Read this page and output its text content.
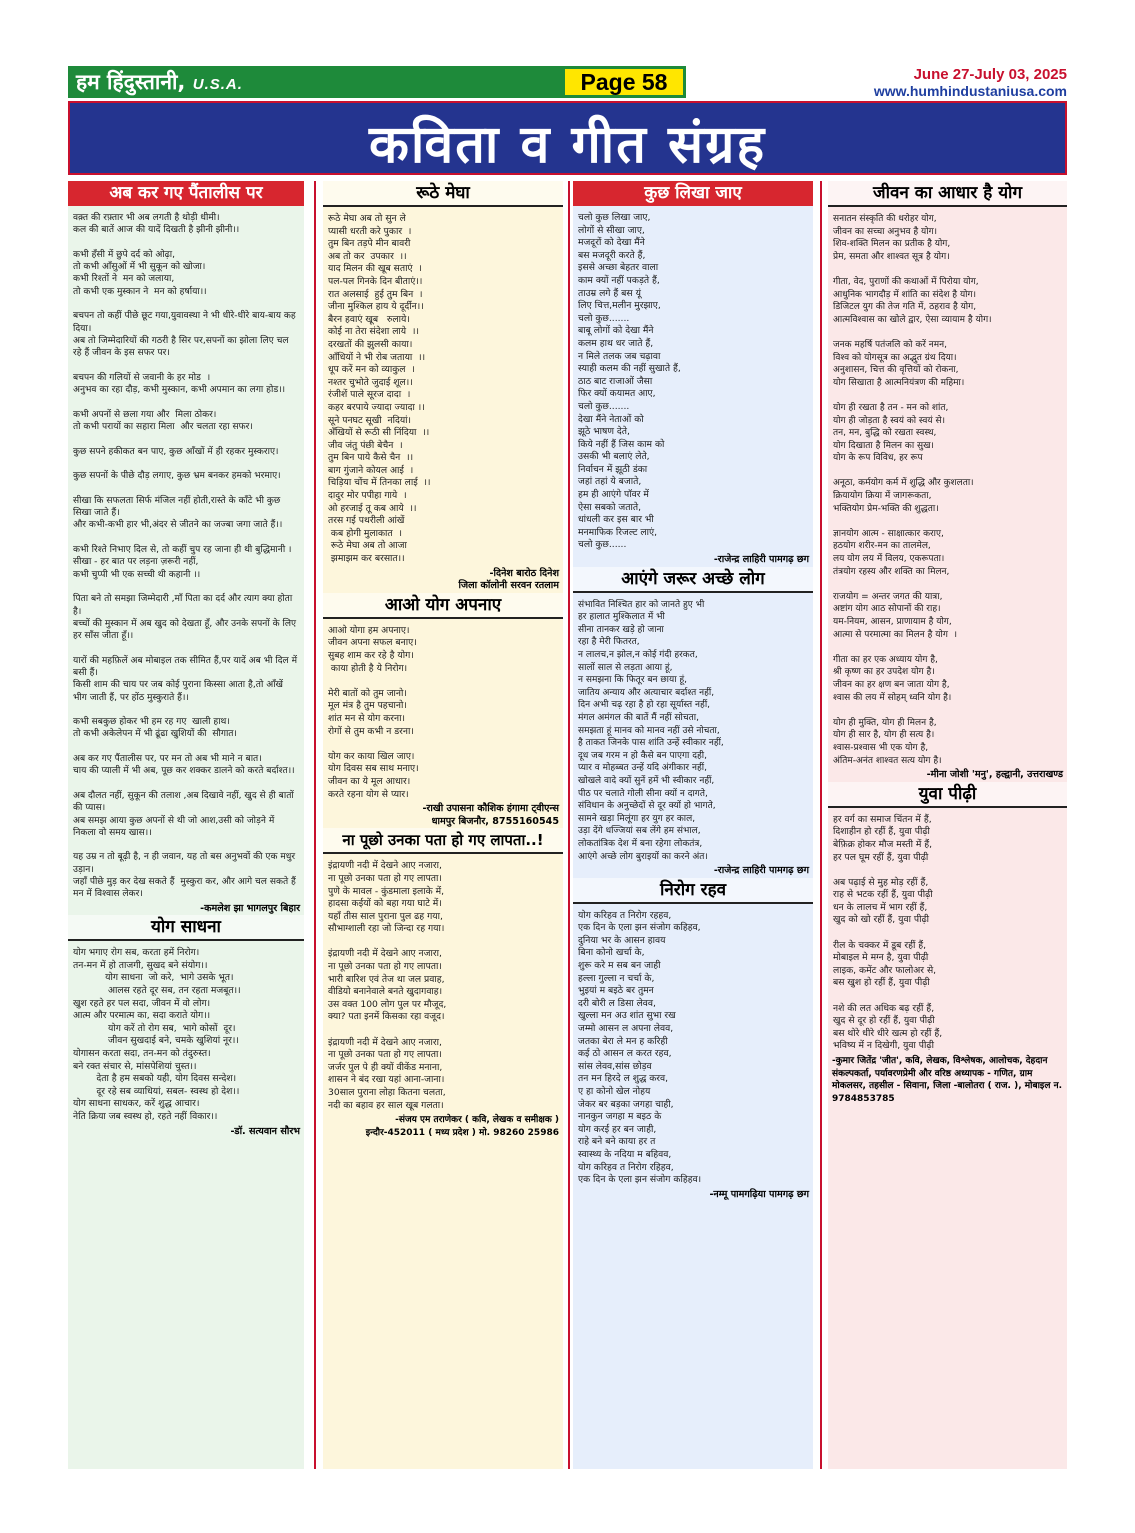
हम हिंदुस्तानी, U.S.A.	Page 58	June 27-July 03, 2025
www.humhindustaniusa.com
कविता व गीत संग्रह
अब कर गए पैंतालीस पर
वक़्त की रफ़्तार भी अब लगती है थोड़ी धीमी।
कल की बातें आज की यादें दिखती है झीनी झीनी।।

कभी हँसी में छुपे दर्द को ओढ़ा,
तो कभी आँसुओं में भी सुकून को खोजा।
कभी रिश्तों ने  मन को जलाया,
तो कभी एक मुस्कान ने  मन को हर्षाया।।

बचपन तो कहीं पीछे छूट गया,युवावस्था ने भी धीरे-धीरे बाय-बाय कह दिया।
अब तो जिम्मेदारियों की गठरी है सिर पर,सपनों का झोला लिए चल रहे हैं जीवन के इस सफर पर।

बचपन की गलियों से जवानी के हर मोड  ।
अनुभव का रहा दौड़, कभी मुस्कान, कभी अपमान का लगा होड।।

कभी अपनों से छला गया और  मिला ठोकर।
तो कभी परायों का सहारा मिला  और चलता रहा सफर।

कुछ सपने हकीकत बन पाए, कुछ आँखों में ही रहकर मुस्कराए।

कुछ सपनों के पीछे दौड़ लगाए, कुछ भ्रम बनकर हमको भरमाए।

सीखा कि सफलता सिर्फ मंजिल नहीं होती,रास्ते के काँटे भी कुछ सिखा जाते हैं।
और कभी-कभी हार भी,अंदर से जीतने का जज्बा जगा जाते हैं।।

कभी रिश्ते निभाए दिल से, तो कहीं चुप रह जाना ही थी बुद्धिमानी ।
सीखा - हर बात पर लड़ना ज़रूरी नहीं,
कभी चुप्पी भी एक सच्ची थी कहानी ।।

पिता बने तो समझा जिम्मेदारी ,माँ पिता का दर्द और त्याग क्या होता है।
बच्चों की मुस्कान में अब खुद को देखता हूँ, और उनके सपनों के लिए हर साँस जीता हूँ।।

यारों की महफ़िलें अब मोबाइल तक सीमित हैं,पर यादें अब भी दिल में बसी हैं।
किसी शाम की चाय पर जब कोई पुराना किस्सा आता है,तो आँखें भीग जाती हैं, पर होंठ मुस्कुराते हैं।।

कभी सबकुछ होकर भी हम रह गए  खाली हाथ।
तो कभी अकेलेपन में भी ढूंढा खुशियों की  सौगात।

अब कर गए पैंतालीस पर, पर मन तो अब भी माने न बात।
चाय की प्याली में भी अब, पूछ कर शक्कर डालने को करते बर्दाश्त।।

अब दौलत नहीं, सुकून की तलाश ,अब दिखावे नहीं, खुद से ही बातों की प्यास।
अब समझ आया कुछ अपनों से थी जो आश,उसी को जोड़ने में निकला वो समय खास।।

यह उम्र न तो बूढ़ी है, न ही जवान, यह तो बस अनुभवों की एक मधुर उड़ान।
जहाँ पीछे मुड़ कर देख सकते हैं  मुस्कुरा कर, और आगे चल सकते हैं मन में विश्वास लेकर।
-कमलेश झा भागलपुर बिहार
योग साधना
योग भगाए रोग सब, करता हमें निरोग।
तन-मन में हो ताजगी, सुखद बने संयोग।।
योग साधना  जो करे,  भागे उसके भूत।
आलस रहते दूर सब, तन रहता मजबूत।।
खुश रहते हर पल सदा, जीवन में वो लोग।
आत्म और परमात्म का, सदा कराते योग।।
योग करें तो रोग सब,  भागे कोसों  दूर।
जीवन सुखदाई बने, चमके खुशियां नूर।।
योगासन करता सदा, तन-मन को तंदुरुस्त।
बने रक्त संचार से, मांसपेशियां चुस्त।।
देता है हम सबको यही, योग दिवस सन्देश।
दूर रहे सब व्याधियां, सबल- स्वस्थ हो देश।।
योग साधना साधकर, करें शुद्ध आचार।
नेति क्रिया जब स्वस्थ हो, रहते नहीं विकार।।
-डॉ. सत्यवान सौरभ
रूठे मेघा
रूठे मेघा अब तो सुन ले
प्यासी धरती करे पुकार  ।
तुम बिन तड़पे मीन बावरी
अब तो कर  उपकार  ।।
याद मिलन की खूब सताएं  ।
पल-पल गिनके दिन बीताएं।।
रात अलसाई  हुई तुम बिन  ।
जीना मुश्किल हाय ये दूर्दीन।।
बैरन हवाएं खूब   रुलाये।
कोई ना तेरा संदेशा लाये  ।।
दरखतों की झुलसी काया।
आँधियों ने भी रोब जताया  ।।
धूप करें मन को व्याकुल  ।
नश्तर चुभोते जुदाई शूल।।
रंजीशें पाले सूरज दादा  ।
कहर बरपाये ज्यादा ज्यादा ।।
सूने पनघट सूखी  नदियां।
अँखियों से रूठी सी निंदिया  ।।
जीव जंतु पंछी बेचैन  ।
तुम बिन पाये कैसे चैन  ।।
बाग गुंजाने कोयल आई  ।
चिड़िया चोंच में तिनका लाई  ।।
दादुर मोर पपीहा गाये  ।
ओ हरजाई तू कब आये  ।।
तरस गई पथरीली आंखें
कब होगी मुलाकात  ।
रूठे मेघा अब तो आजा
झमाझम कर बरसात।।
-दिनेश बारोठ दिनेश
जिला कॉलोनी सरवन रतलाम
आओ योग अपनाए
आओ योगा हम अपनाए।
जीवन अपना सफल बनाए।
सुबह शाम कर रहे है योग।
काया होती है ये निरोग।

मेरी बातों को तुम जानो।
मूल मंत्र है तुम पहचानो।
शांत मन से योग करना।
रोगों से तुम कभी न डरना।

योग कर काया खिल जाए।
योग दिवस सब साथ मनाए।
जीवन का ये मूल आधार।
करते रहना योग से प्यार।
-राखी उपासना कौशिक हंगामा ट्वीएन्स
धामपुर बिजनौर, 8755160545
ना पूछो उनका पता हो गए लापता..!
इंद्रायणी नदी में देखने आए नजारा,
ना पूछो उनका पता हो गए लापता।
पुणे के मावल - कुंडमाला इलाके में,
हादसा कईयों को बहा गया घाटे में।
यहाँ तीस साल पुराना पुल ढह गया,
सौभाग्शाली रहा जो जिन्दा रह गया।

इंद्रायणी नदी में देखने आए नजारा,
ना पूछो उनका पता हो गए लापता।
भारी बारिश एवं तेज था जल प्रवाह,
वीडियो बनानेवाले बनते खुदागवाह।
उस वक्त 100 लोग पुल पर मौजूद,
क्या? पता इनमें किसका रहा वजूद।

इंद्रायणी नदी में देखने आए नजारा,
ना पूछो उनका पता हो गए लापता।
जर्जर पुल पे ही क्यों वीकेंड मनाना,
शासन ने बंद रखा यहां आना-जाना।
30साल पुराना लोहा कितना चलता,
नदी का बहाव हर साल खूब गलता।
-संजय एम तराणेकर ( कवि, लेखक व समीक्षक )
इन्दौर-452011 ( मध्य प्रदेश ) मो. 98260 25986
कुछ लिखा जाए
चलो कुछ लिखा जाए,
लोगों से सीखा जाए,
मजदूरों को देखा मैंने
बस मजदूरी करते हैं,
इससे अच्छा बेहतर वाला
काम क्यों नहीं पकड़ते हैं,
ताउम्र लगे हैं बस यूं
लिए चित्त,मलीन मुरझाए,
चलो कुछ.......
बाबू लोगों को देखा मैंने
कलम हाथ धर जाते हैं,
न मिले तलक जब चढ़ावा
स्याही कलम की नहीं सुखाते हैं,
ठाठ बाट राजाओं जैसा
फिर क्यों कयामत आए,
चलो कुछ.......
देखा मैंने नेताओं को
झूठे भाषण देते,
किये नहीं हैं जिस काम को
उसकी भी बलाएं लेते,
निर्वाचन में झूठी डंका
जहां तहां ये बजाते,
हम ही आएंगे पाॅवर में
ऐसा सबको जताते,
धांधली कर इस बार भी
मनमाफिक रिजल्ट लाएं,
चलो कुछ......
-राजेन्द्र लाहिरी पामगढ़ छग
आएंगे जरूर अच्छे लोग
संभावित निश्चित हार को जानते हुए भी
हर हालात मुश्किलात में भी
सीना तानकर खड़े हो जाना
रहा है मेरी फितरत,
न लालच,न झोल,न कोई गंदी हरकत,
सालों साल से लड़ता आया हूं,
न समझना कि फितूर बन छाया हूं,
जातिय अन्याय और अत्याचार बर्दाश्त नहीं,
दिन अभी चढ़ रहा है हो रहा सूर्यास्त नहीं,
मंगल अमंगल की बातें मैं नहीं सोचता,
समझता हूं मानव को मानव नहीं उसे नोचता,
है ताकत जिनके पास शांति उन्हें स्वीकार नहीं,
दूध जब गरम न हो कैसे बन पाएगा दही,
प्यार व मोहब्बत उन्हें यदि अंगीकार नहीं,
खोखले वादे क्यों सुनें हमें भी स्वीकार नहीं,
पीठ पर चलाते गोली सीना क्यों न दागते,
संविधान के अनुच्छेदों से दूर क्यों हो भागते,
सामने खड़ा मिलूंगा हर युग हर काल,
उड़ा देंगे धज्जियां सब लेंगे हम संभाल,
लोकतांत्रिक देश में बना रहेगा लोकतंत्र,
आएंगे अच्छे लोग बुराइयों का करने अंत।
-राजेन्द्र लाहिरी पामगढ़ छग
निरोग रहव
योग करिहव त निरोग रहहव,
एक दिन के एला झन संजोग कहिहव,
दुनिया भर के आसन हावय
बिना कोनो खर्चा के,
शुरू करे म सब बन जाही
हल्ला गुल्ला न चर्चा के,
भुइयां म बइठे बर तुमन
दरी बोरी ल डिसा लेवव,
खुल्ला मन अउ शांत सुभा रख
जम्मो आसन ल अपना लेवव,
जतका बेरा ले मन ह करिही
कई ठो आसन ल करत रहव,
सांस लेवव,सांस छोड़व
तन मन हिरदे ल शुद्ध करव,
ए हा कोनो खेल नोहय
जेकर बर बड़का जगहा चाही,
नानकुन जगहा म बइठ के
योग करई हर बन जाही,
राहे बने बने काया हर त
स्वास्थ्य के नदिया म बहिवव,
योग करिहव त निरोग रहिहव,
एक दिन के एला झन संजोग कहिहव।
-नम्मू पामगढ़िया पामगढ़ छग
जीवन का आधार है योग
सनातन संस्कृति की धरोहर योग,
जीवन का सच्चा अनुभव है योग।
शिव-शक्ति मिलन का प्रतीक है योग,
प्रेम, समता और शाश्वत सूत्र है योग।

गीता, वेद, पुराणों की कथाओं में पिरोया योग,
आधुनिक भागदौड़ में शांति का संदेश है योग।
डिजिटल युग की तेज गति में, ठहराव है योग,
आत्मविश्वास का खोले द्वार, ऐसा व्यायाम है योग।

जनक महर्षि पतंजलि को करें नमन,
विश्व को योगसूत्र का अद्भुत ग्रंथ दिया।
अनुशासन, चित्त की वृत्तियों को रोकना,
योग सिखाता है आत्मनियंत्रण की महिमा।

योग ही रखता है तन - मन को शांत,
योग ही जोड़ता है स्वयं को स्वयं से।
तन, मन, बुद्धि को रखता स्वस्थ,
योग दिखाता है मिलन का सुख।
योग के रूप विविध, हर रूप

अनूठा, कर्मयोग कर्म में शुद्धि और कुशलता।
क्रियायोग क्रिया में जागरूकता,
भक्तियोग प्रेम-भक्ति की शुद्धता।

ज्ञानयोग आत्म - साक्षात्कार कराए,
हठयोग शरीर-मन का तालमेल,
लय योग लय में विलय, एकरूपता।
तंत्रयोग रहस्य और शक्ति का मिलन,

राजयोग = अन्तर जगत की यात्रा,
अष्टांग योग आठ सोपानों की राह।
यम-नियम, आसन, प्राणायाम है योग,
आत्मा से परमात्मा का मिलन है योग  ।

गीता का हर एक अध्याय योग है,
श्री कृष्ण का हर उपदेश योग है।
जीवन का हर क्षण बन जाता योग है,
श्वास की लय में सोहम् ध्वनि योग है।

योग ही मुक्ति, योग ही मिलन है,
योग ही सार है, योग ही सत्य है।
श्वास-प्रश्वास भी एक योग है,
अंतिम-अनंत शाश्वत सत्य योग है।
-मीना जोशी 'मनु', हल्द्वानी, उत्तराखण्ड
युवा पीढ़ी
हर वर्ग का समाज चिंतन में हैं,
दिशाहीन हो रहीं हैं, युवा पीढ़ी
बेफ़िक्र होकर मौज मस्ती में हैं,
हर पल घूम रहीं हैं, युवा पीढ़ी

अब पढ़ाई से मुह मोड़ रहीं हैं,
राह से भटक रहीं हैं, युवा पीढ़ी
धन के लालच में भाग रहीं हैं,
खुद को खो रहीं हैं, युवा पीढ़ी

रील के चक्कर में डूब रहीं हैं,
मोबाइल मे मग्न है, युवा पीढ़ी
लाइक, कमेंट और फालोअर से,
बस खुश हो रहीं हैं, युवा पीढ़ी

नशे की लत अधिक बढ़ रहीं हैं,
खुद से दूर हो रहीं हैं, युवा पीढ़ी
बस थोरे धीरे धीरे खत्म हो रहीं हैं,
भविष्य में न दिखेगी, युवा पीढ़ी
-कुमार जितेंद्र 'जीत', कवि, लेखक, विश्लेषक, आलोचक, देहदान संकल्पकर्ता, पर्यावरणप्रेमी और वरिष्ठ अध्यापक - गणित, ग्राम मोकलसर, तहसील - सिवाना, जिला -बालोतरा ( राज. ), मोबाइल न. 9784853785
